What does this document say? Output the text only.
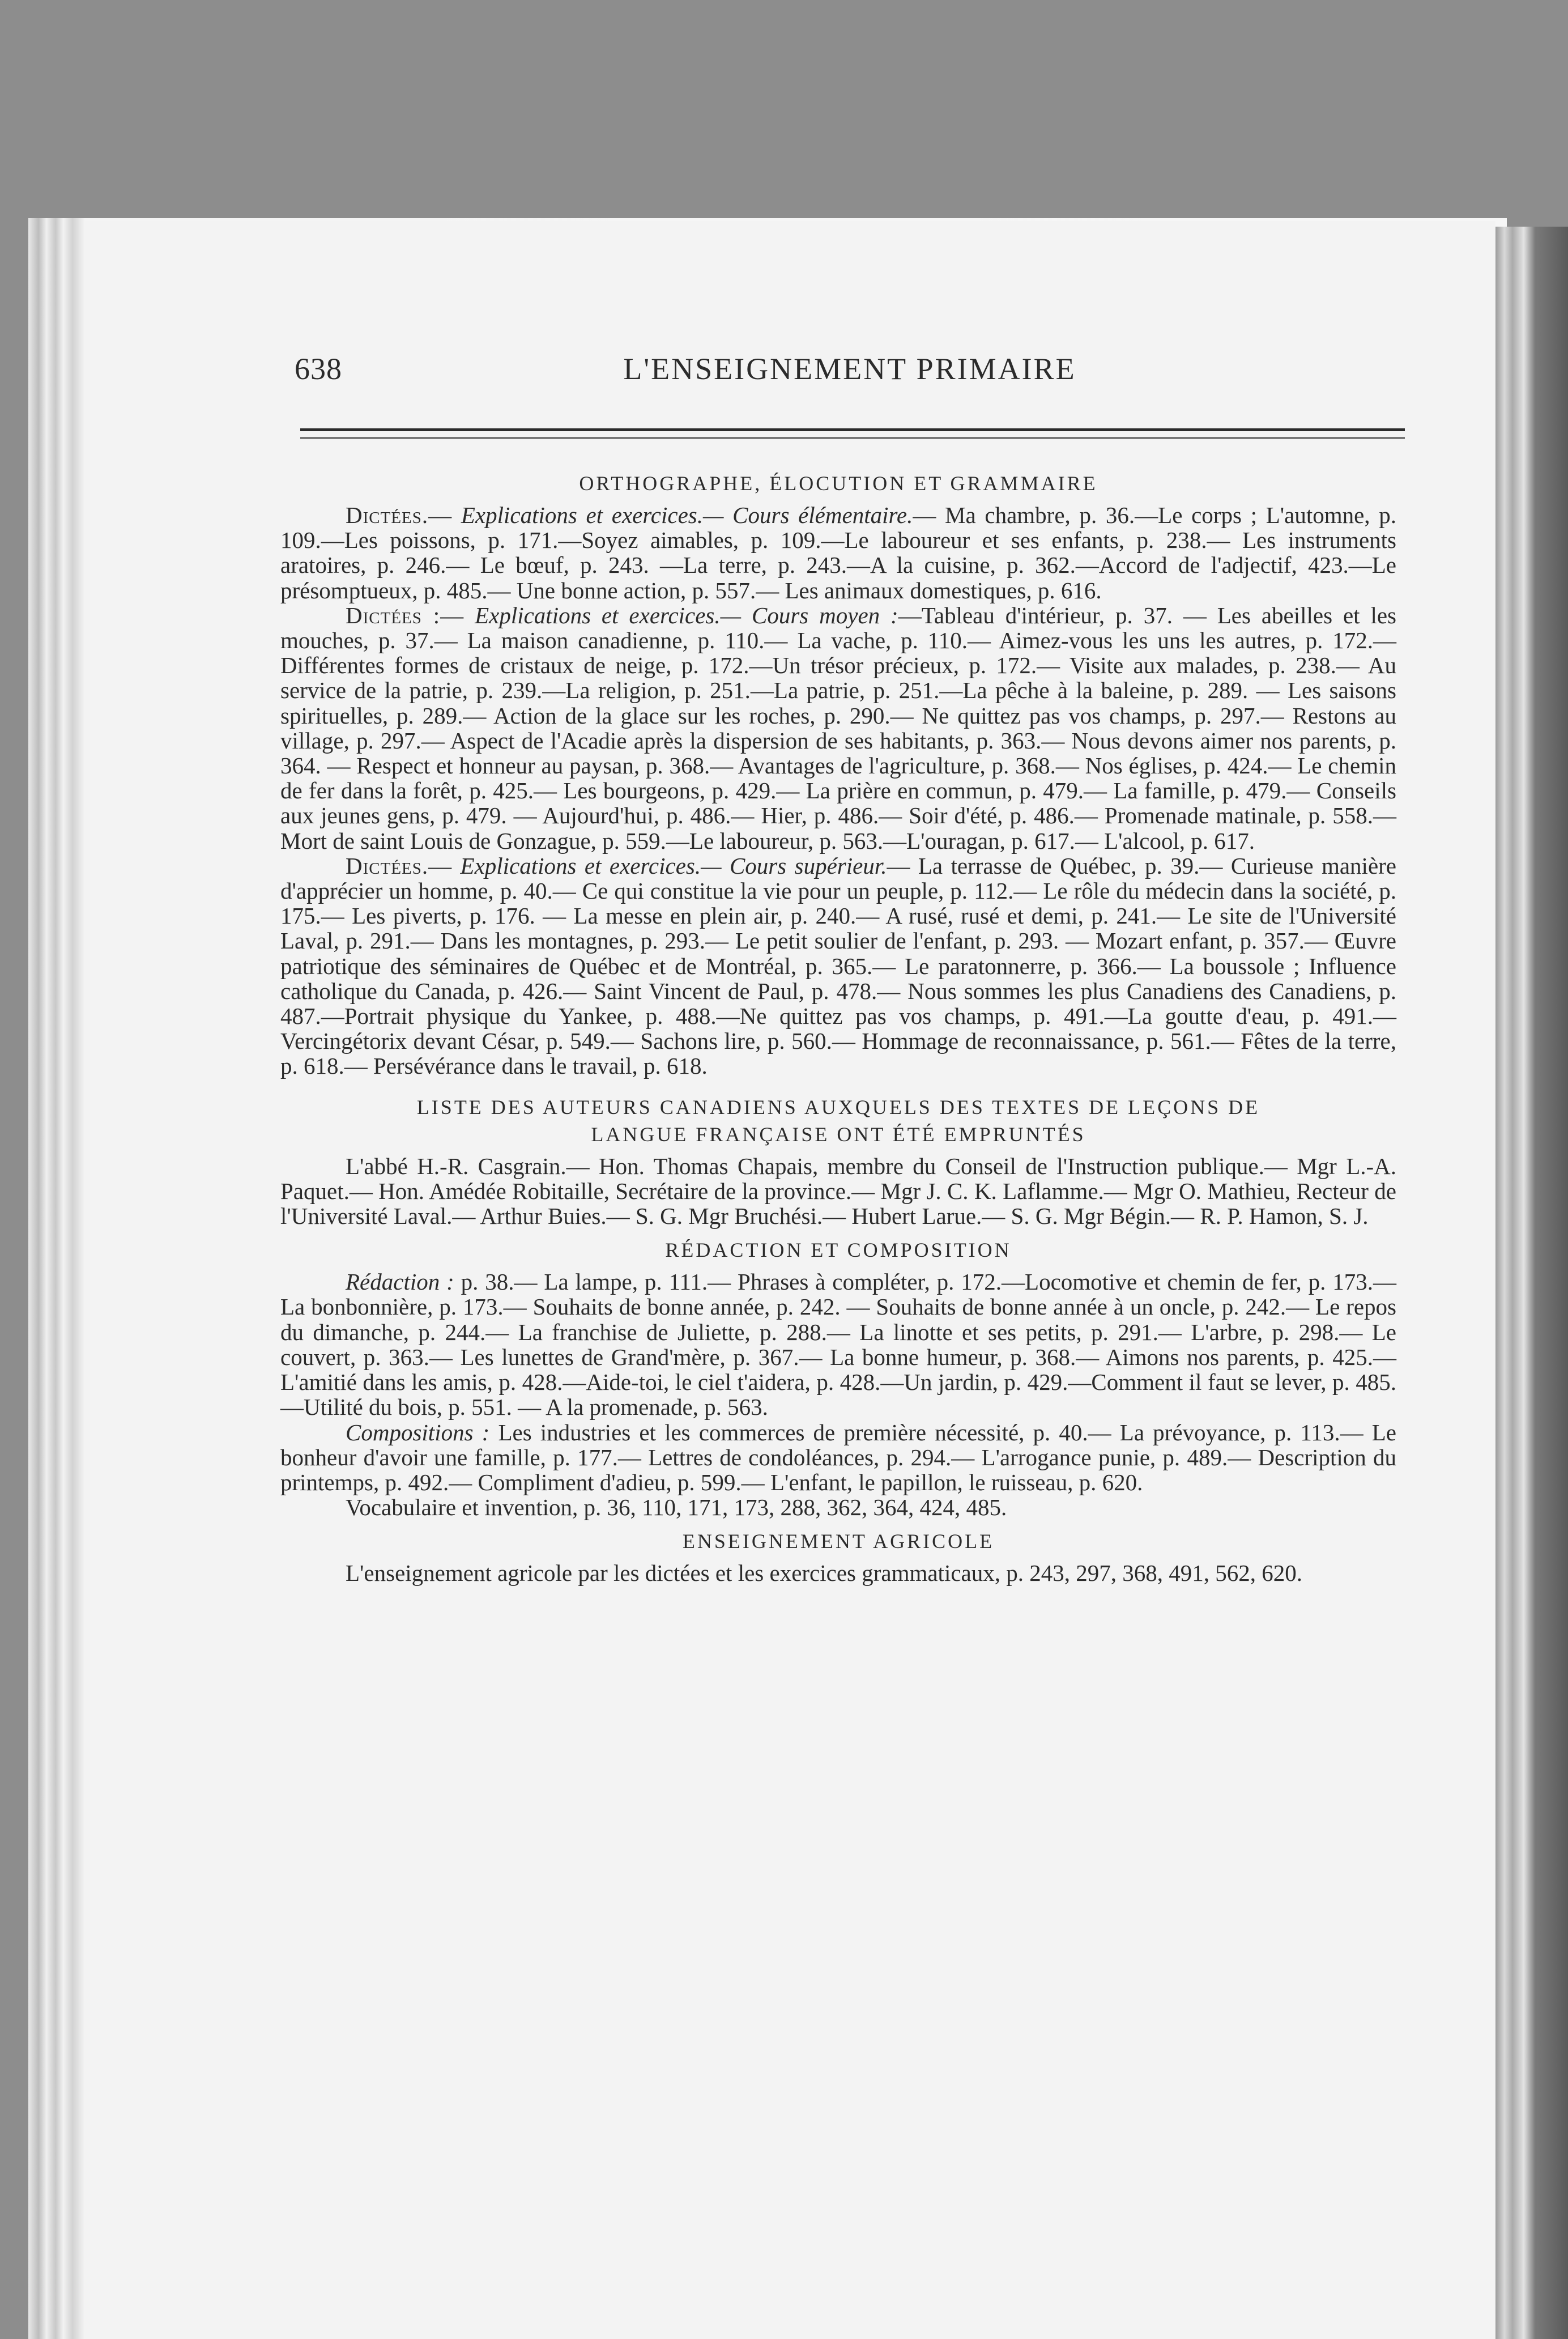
638	L'ENSEIGNEMENT PRIMAIRE
ORTHOGRAPHE, ÉLOCUTION ET GRAMMAIRE

Dictées.— Explications et exercices.— Cours élémentaire.— Ma chambre, p. 36.—Le corps ; L'automne, p. 109.—Les poissons, p. 171.—Soyez aimables, p. 109.—Le laboureur et ses enfants, p. 238.— Les instruments aratoires, p. 246.— Le bœuf, p. 243. —La terre, p. 243.—A la cuisine, p. 362.—Accord de l'adjectif, 423.—Le présomptueux, p. 485.— Une bonne action, p. 557.— Les animaux domestiques, p. 616.

Dictées :— Explications et exercices.— Cours moyen :—Tableau d'intérieur, p. 37. — Les abeilles et les mouches, p. 37.— La maison canadienne, p. 110.— La vache, p. 110.— Aimez-vous les uns les autres, p. 172.—Différentes formes de cristaux de neige, p. 172.—Un trésor précieux, p. 172.— Visite aux malades, p. 238.— Au service de la patrie, p. 239.—La religion, p. 251.—La patrie, p. 251.—La pêche à la baleine, p. 289. — Les saisons spirituelles, p. 289.— Action de la glace sur les roches, p. 290.— Ne quittez pas vos champs, p. 297.— Restons au village, p. 297.— Aspect de l'Acadie après la dispersion de ses habitants, p. 363.— Nous devons aimer nos parents, p. 364. — Respect et honneur au paysan, p. 368.— Avantages de l'agriculture, p. 368.— Nos églises, p. 424.— Le chemin de fer dans la forêt, p. 425.— Les bourgeons, p. 429.— La prière en commun, p. 479.— La famille, p. 479.— Conseils aux jeunes gens, p. 479. — Aujourd'hui, p. 486.— Hier, p. 486.— Soir d'été, p. 486.— Promenade matinale, p. 558.—Mort de saint Louis de Gonzague, p. 559.—Le laboureur, p. 563.—L'ouragan, p. 617.— L'alcool, p. 617.

Dictées.— Explications et exercices.— Cours supérieur.— La terrasse de Québec, p. 39.— Curieuse manière d'apprécier un homme, p. 40.— Ce qui constitue la vie pour un peuple, p. 112.— Le rôle du médecin dans la société, p. 175.— Les piverts, p. 176. — La messe en plein air, p. 240.— A rusé, rusé et demi, p. 241.— Le site de l'Université Laval, p. 291.— Dans les montagnes, p. 293.— Le petit soulier de l'enfant, p. 293. — Mozart enfant, p. 357.— Œuvre patriotique des séminaires de Québec et de Montréal, p. 365.— Le paratonnerre, p. 366.— La boussole ; Influence catholique du Canada, p. 426.— Saint Vincent de Paul, p. 478.— Nous sommes les plus Canadiens des Canadiens, p. 487.—Portrait physique du Yankee, p. 488.—Ne quittez pas vos champs, p. 491.—La goutte d'eau, p. 491.— Vercingétorix devant César, p. 549.— Sachons lire, p. 560.— Hommage de reconnaissance, p. 561.— Fêtes de la terre, p. 618.— Persévérance dans le travail, p. 618.

LISTE DES AUTEURS CANADIENS AUXQUELS DES TEXTES DE LEÇONS DE
LANGUE FRANÇAISE ONT ÉTÉ EMPRUNTÉS

L'abbé H.-R. Casgrain.— Hon. Thomas Chapais, membre du Conseil de l'Instruction publique.— Mgr L.-A. Paquet.— Hon. Amédée Robitaille, Secrétaire de la province.— Mgr J. C. K. Laflamme.— Mgr O. Mathieu, Recteur de l'Université Laval.— Arthur Buies.— S. G. Mgr Bruchési.— Hubert Larue.— S. G. Mgr Bégin.— R. P. Hamon, S. J.

RÉDACTION ET COMPOSITION

Rédaction : p. 38.— La lampe, p. 111.— Phrases à compléter, p. 172.—Locomotive et chemin de fer, p. 173.— La bonbonnière, p. 173.— Souhaits de bonne année, p. 242. — Souhaits de bonne année à un oncle, p. 242.— Le repos du dimanche, p. 244.— La franchise de Juliette, p. 288.— La linotte et ses petits, p. 291.— L'arbre, p. 298.— Le couvert, p. 363.— Les lunettes de Grand'mère, p. 367.— La bonne humeur, p. 368.— Aimons nos parents, p. 425.—L'amitié dans les amis, p. 428.—Aide-toi, le ciel t'aidera, p. 428.—Un jardin, p. 429.—Comment il faut se lever, p. 485.—Utilité du bois, p. 551. — A la promenade, p. 563.

Compositions : Les industries et les commerces de première nécessité, p. 40.— La prévoyance, p. 113.— Le bonheur d'avoir une famille, p. 177.— Lettres de condoléances, p. 294.— L'arrogance punie, p. 489.— Description du printemps, p. 492.— Compliment d'adieu, p. 599.— L'enfant, le papillon, le ruisseau, p. 620.

Vocabulaire et invention, p. 36, 110, 171, 173, 288, 362, 364, 424, 485.

ENSEIGNEMENT AGRICOLE

L'enseignement agricole par les dictées et les exercices grammaticaux, p. 243, 297, 368, 491, 562, 620.
